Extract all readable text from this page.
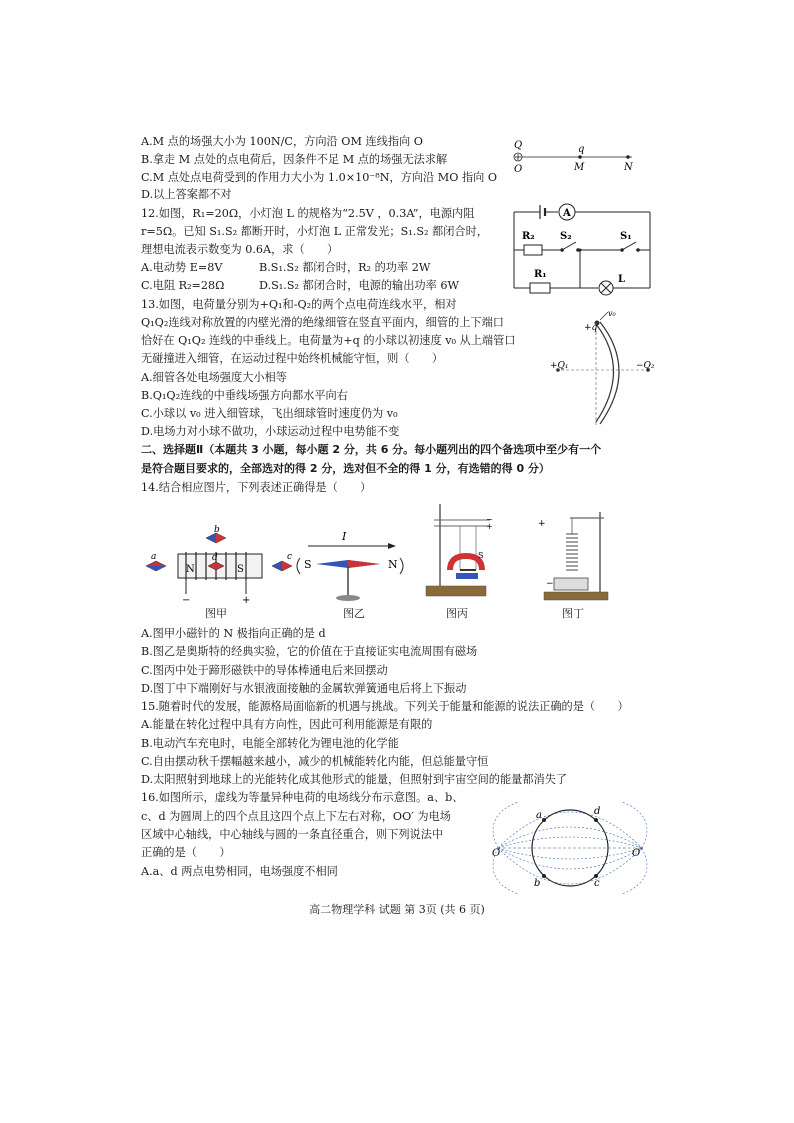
A.M 点的场强大小为 100N/C，方向沿 OM 连线指向 O
B.拿走 M 点处的点电荷后，因条件不足 M 点的场强无法求解
C.M 点处点电荷受到的作用力大小为 1.0×10⁻⁸N，方向沿 MO 指向 O
D.以上答案都不对
Q
O
q
M	N
12.如图，R₁=20Ω，小灯泡 L 的规格为“2.5V ，0.3A”，电源内阻
r=5Ω。已知 S₁.S₂ 都断开时，小灯泡 L 正常发光；S₁.S₂ 都闭合时，
理想电流表示数变为 0.6A，求（　　）
A.电动势 E=8V	B.S₁.S₂ 都闭合时，R₂ 的功率 2W
C.电阻 R₂=28Ω	D.S₁.S₂ 都闭合时，电源的输出功率 6W
A
R₂	S₂	S₁
R₁	L
13.如图，电荷量分别为+Q₁和-Q₂的两个点电荷连线水平，相对
Q₁Q₂连线对称放置的内壁光滑的绝缘细管在竖直平面内，细管的上下端口
恰好在 Q₁Q₂ 连线的中垂线上。电荷量为+q 的小球以初速度 v₀ 从上端管口
无碰撞进入细管，在运动过程中始终机械能守恒，则（　　）
A.细管各处电场强度大小相等
B.Q₁Q₂连线的中垂线场强方向都水平向右
C.小球以 v₀ 进入细管球，飞出细球管时速度仍为 v₀
D.电场力对小球不做功，小球运动过程中电势能不变
+q
v₀
+Q₁	−Q₂
二、选择题Ⅱ（本题共 3 小题，每小题 2 分，共 6 分。每小题列出的四个备选项中至少有一个
是符合题目要求的，全部选对的得 2 分，选对但不全的得 1 分，有选错的得 0 分）
14.结合相应图片，下列表述正确得是（　　）
N	S
−	+
a
b
d	c
图甲
I
S	N
图乙
S
−
+
图丙
+
−
图丁
A.图甲小磁针的 N 极指向正确的是 d
B.图乙是奥斯特的经典实验，它的价值在于直接证实电流周围有磁场
C.图丙中处于蹄形磁铁中的导体棒通电后来回摆动
D.图丁中下端刚好与水银液面接触的金属软弹簧通电后将上下振动
15.随着时代的发展，能源格局面临新的机遇与挑战。下列关于能量和能源的说法正确的是（　　）
A.能量在转化过程中具有方向性，因此可利用能源是有限的
B.电动汽车充电时，电能全部转化为锂电池的化学能
C.自由摆动秋千摆幅越来越小，减少的机械能转化内能，但总能量守恒
D.太阳照射到地球上的光能转化成其他形式的能量，但照射到宇宙空间的能量都消失了
16.如图所示，虚线为等量异种电荷的电场线分布示意图。a、b、
c、d 为圆周上的四个点且这四个点上下左右对称，OO′ 为电场
区域中心轴线，中心轴线与圆的一条直径重合，则下列说法中
正确的是（　　）
A.a、d 两点电势相同，电场强度不相同
a	d
b	c
O	O′
高二物理学科 试题 第 3页 (共 6 页)
